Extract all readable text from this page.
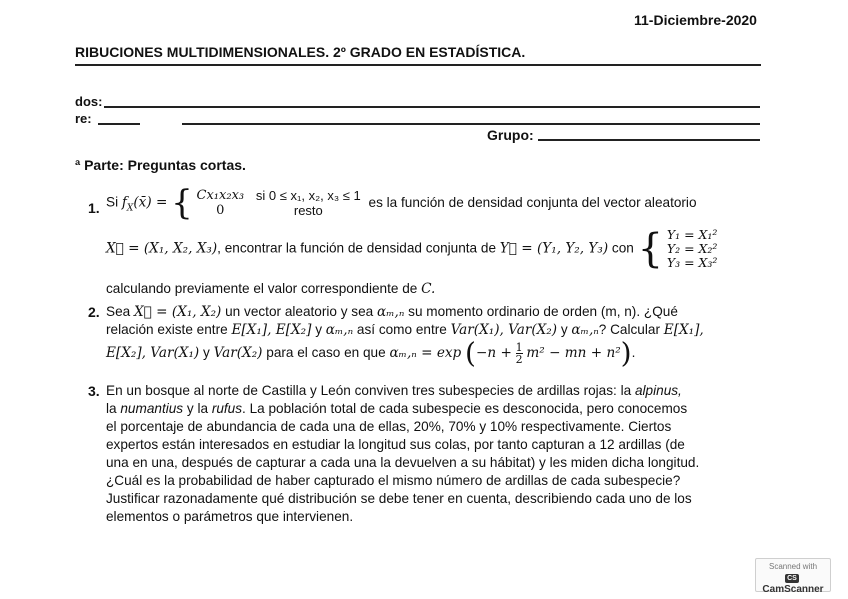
11-Diciembre-2020
RIBUCIONES MULTIDIMENSIONALES. 2º GRADO EN ESTADÍSTICA.
dos:
re:
Grupo:
ª Parte: Preguntas cortas.
1. Si $f_X(x̄)$ = { Cx₁x₂x₃
0

si 0 ≤ x₁, x₂, x₃ ≤ 1
resto
es la función de densidad conjunta del vector aleatorio
X⃗ = (X₁, X₂, X₃), encontrar la función de densidad conjunta de Y⃗ = (Y₁, Y₂, Y₃) con { Y₁ = X₁²
Y₂ = X₂²
Y₃ = X₃²
calculando previamente el valor correspondiente de C.
2. Sea X⃗ = (X₁, X₂) un vector aleatorio y sea αₘ,ₙ su momento ordinario de orden (m, n). ¿Qué
relación existe entre E[X₁], E[X₂] y αₘ,ₙ así como entre Var(X₁), Var(X₂) y αₘ,ₙ? Calcular E[X₁],
E[X₂], Var(X₁) y Var(X₂) para el caso en que $\alpha_m,_n = \exp (-n + \frac{1}{2} m^2$ − mn + n²).
3. En un bosque al norte de Castilla y León conviven tres subespecies de ardillas rojas: la alpinus,
la numantius y la rufus. La población total de cada subespecie es desconocida, pero conocemos
el porcentaje de abundancia de cada una de ellas, 20%, 70% y 10% respectivamente. Ciertos
expertos están interesados en estudiar la longitud sus colas, por tanto capturan a 12 ardillas (de
una en una, después de capturar a cada una la devuelven a su hábitat) y les miden dicha longitud.
¿Cuál es la probabilidad de haber capturado el mismo número de ardillas de cada subespecie?
Justificar razonadamente qué distribución se debe tener en cuenta, describiendo cada uno de los
elementos o parámetros que intervienen.
Scanned with
CSCamScanner
